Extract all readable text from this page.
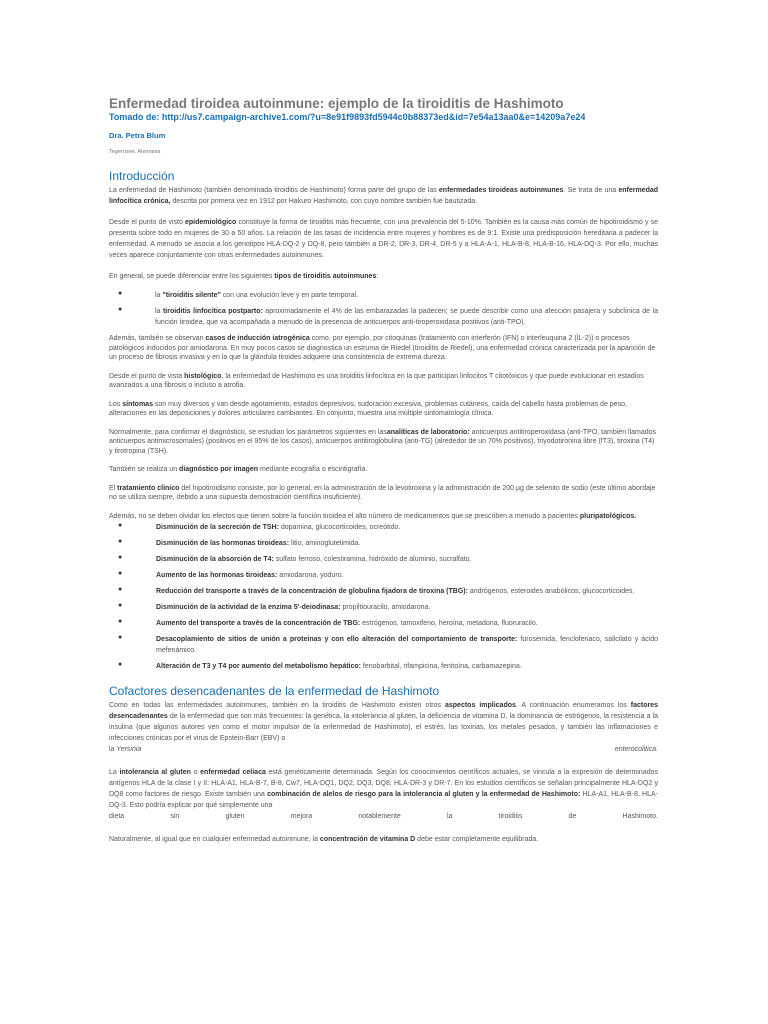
Enfermedad tiroidea autoinmune: ejemplo de la tiroiditis de Hashimoto
Tomado de: http://us7.campaign-archive1.com/?u=8e91f9893fd5944c0b88373ed&id=7e54a13aa0&e=14209a7e24
Dra. Petra Blum
Tegernsee, Alemania
Introducción

La enfermedad de Hashimoto (también denominada tiroiditis de Hashimoto) forma parte del grupo de las enfermedades tiroideas autoinmunes. Se trata de una enfermedad linfocítica crónica, descrita por primera vez en 1912 por Hakuro Hashimoto, con cuyo nombre también fue bautizada.

Desde el punto de visto epidemiológico constituye la forma de tiroiditis más frecuente, con una prevalencia del 5-10%. También es la causa más común de hipotiroidismo y se presenta sobre todo en mujeres de 30 a 50 años. La relación de las tasas de incidencia entre mujeres y hombres es de 9:1. Existe una predisposición hereditaria a padecer la enfermedad. A menudo se asocia a los genotipos HLA-DQ-2 y DQ-8, pero también a DR-2, DR-3, DR-4, DR-5 y a HLA-A-1, HLA-B-8, HLA-B-16, HLA-DQ-3. Por ello, muchas veces aparece conjuntamente con otras enfermedades autoinmunes.

En general, se puede diferenciar entre los siguientes tipos de tiroiditis autoinmunes:

●	la "tiroiditis silente" con una evolución leve y en parte temporal.
●	la tiroiditis linfocítica postparto: aproximadamente el 4% de las embarazadas la padecen; se puede describir como una afección pasajera y subclínica de la función tiroidea, que va acompañada a menudo de la presencia de anticuerpos anti-tiroperoxidasa positivos (anti-TPO).

Además, también se observan casos de inducción iatrogénica como, por ejemplo, por citoquinas (tratamiento con interferón (IFN) o interleuquina 2 (IL-2)) o procesos patológicos inducidos por amiodarona. En muy pocos casos se diagnostica un estruma de Riedel (tiroiditis de Riedel), una enfermedad crónica caracterizada por la aparición de un proceso de fibrosis invasiva y en la que la glándula tiroides adquiere una consistencia de extrema dureza.

Desde el punto de vista histológico, la enfermedad de Hashimoto es una tiroiditis linfocítica en la que participan linfocitos T citotóxicos y que puede evolucionar en estadios avanzados a una fibrosis o incluso a atrofia.

Los síntomas son muy diversos y van desde agotamiento, estados depresivos, sudoración excesiva, problemas cutáneos, caída del cabello hasta problemas de peso, alteraciones en las deposiciones y dolores articulares cambiantes. En conjunto, muestra una múltiple sintomatología clínica.

Normalmente, para confirmar el diagnóstico, se estudian los parámetros siguientes en lasanalíticas de laboratorio: anticuerpos antitiroperoxidasa (anti-TPO, también llamados anticuerpos antimicrosomales) (positivos en el 95% de los casos), anticuerpos antitiroglobulina (anti-TG) (alrededor de un 70% positivos), triyodotironina libre (fT3), tiroxina (T4) y tirotropina (TSH).

También se realiza un diagnóstico por imagen mediante ecografía o escintigrafía.

El tratamiento clínico del hipotiroidismo consiste, por lo general, en la administración de la levotiroxina y la administración de 200 µg de selenito de sodio (este último abordaje no se utiliza siempre, debido a una supuesta demostración científica insuficiente).

Además, no se deben olvidar los efectos que tienen sobre la función tiroidea el alto número de medicamentos que se prescriben a menudo a pacientes pluripatológicos.

●	Disminución de la secreción de TSH: dopamina, glucocorticoides, ocreótido.
●	Disminución de las hormonas tiroideas: litio, aminoglutetimida.
●	Disminución de la absorción de T4: sulfato ferroso, colestiramina, hidróxido de aluminio, sucralfato.
●	Aumento de las hormonas tiroideas: amiodarona, yoduro.
●	Reducción del transporte a través de la concentración de globulina fijadora de tiroxina (TBG): andrógenos, esteroides anabólicos, glucocorticoides.
●	Disminución de la actividad de la enzima 5'-deiodinasa: propiltiouracilo, amiodarona.
●	Aumento del transporte a través de la concentración de TBG: estrógenos, tamoxifeno, heroína, metadona, fluoruracilo.
●	Desacoplamiento de sitios de unión a proteínas y con ello alteración del comportamiento de transporte: furosemida, fenclofenaco, salicilato y ácido mefenámico.
●	Alteración de T3 y T4 por aumento del metabolismo hepático: fenobarbital, rifampicina, fenitoína, carbamazepina.
Cofactores desencadenantes de la enfermedad de Hashimoto

Como en todas las enfermedades autoinmunes, también en la tiroiditis de Hashimoto existen otros aspectos implicados. A continuación enumeramos los factores desencadenantes de la enfermedad que son más frecuentes: la genética, la intolerancia al gluten, la deficiencia de vitamina D, la dominancia de estrógenos, la resistencia a la insulina (que algunos autores ven como el motor impulsor de la enfermedad de Hashimoto), el estrés, las toxinas, los metales pesados, y también las inflamaciones e infecciones crónicas por el virus de Epstein-Barr (EBV) o

la Yersinia	enterocolitica.

La intolerancia al gluten o enfermedad celíaca está genéticamente determinada. Según los conocimientos científicos actuales, se vincula a la expresión de determinados antígenos HLA de la clase I y II: HLA-A1, HLA-B-7, B-8, Cw7, HLA-DQ1, DQ2, DQ3, DQ8, HLA-DR-3 y DR-7. En los estudios científicos se señalan principalmente HLA-DQ2 y DQ8 como factores de riesgo. Existe también una combinación de alelos de riesgo para la intolerancia al gluten y la enfermedad de Hashimoto: HLA-A1, HLA-B-8, HLA-DQ-3. Esto podría explicar por qué simplemente una

dieta	sin	gluten	mejora	notablemente	la	tiroiditis	de	Hashimoto.

Naturalmente, al igual que en cualquier enfermedad autoinmune, la concentración de vitamina D debe estar completamente equilibrada.
